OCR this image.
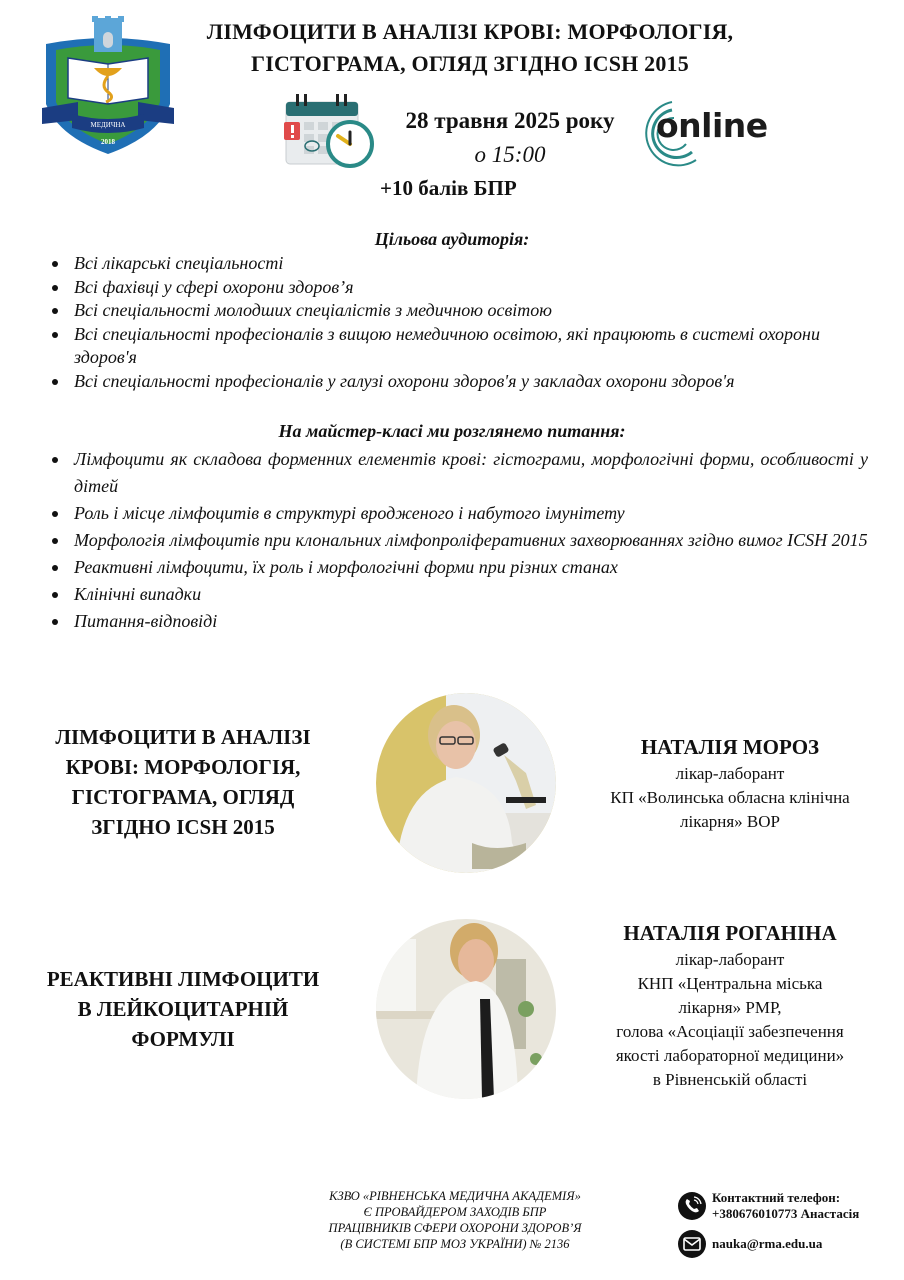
МЕДИЧНА
2018
ЛІМФОЦИТИ В АНАЛІЗІ КРОВІ: МОРФОЛОГІЯ,
ГІСТОГРАМА, ОГЛЯД ЗГІДНО ICSH 2015
28 травня 2025 року
о 15:00
+10 балів БПР
online
Цільова аудиторія:
Всі лікарські спеціальності
Всі фахівці у сфері охорони здоров’я
Всі спеціальності молодших спеціалістів з медичною освітою
Всі спеціальності професіоналів з вищою немедичною освітою, які працюють в системі охорони здоров'я
Всі спеціальності професіоналів у галузі охорони здоров'я у закладах охорони здоров'я
На майстер-класі ми розглянемо питання:
Лімфоцити як складова форменних елементів крові: гістограми, морфологічні форми, особливості у дітей
Роль і місце лімфоцитів в структурі вродженого і набутого імунітету
Морфологія лімфоцитів при клональних лімфопроліферативних захворюваннях згідно вимог ICSH 2015
Реактивні лімфоцити, їх роль і морфологічні форми при різних станах
Клінічні випадки
Питання-відповіді
ЛІМФОЦИТИ В АНАЛІЗІ
КРОВІ: МОРФОЛОГІЯ,
ГІСТОГРАМА, ОГЛЯД
ЗГІДНО ICSH 2015
НАТАЛІЯ МОРОЗ
лікар-лаборант
КП «Волинська обласна клінічна
лікарня» ВОР
РЕАКТИВНІ ЛІМФОЦИТИ
В ЛЕЙКОЦИТАРНІЙ
ФОРМУЛІ
НАТАЛІЯ РОГАНІНА
лікар-лаборант
КНП «Центральна міська
лікарня» РМР,
голова «Асоціації забезпечення
якості лабораторної медицини»
в Рівненській області
КЗВО «РІВНЕНСЬКА МЕДИЧНА АКАДЕМІЯ»
Є ПРОВАЙДЕРОМ ЗАХОДІВ БПР
ПРАЦІВНИКІВ СФЕРИ ОХОРОНИ ЗДОРОВ’Я
(В СИСТЕМІ БПР МОЗ УКРАЇНИ) № 2136
Контактний телефон:
+380676010773 Анастасія
nauka@rma.edu.ua
